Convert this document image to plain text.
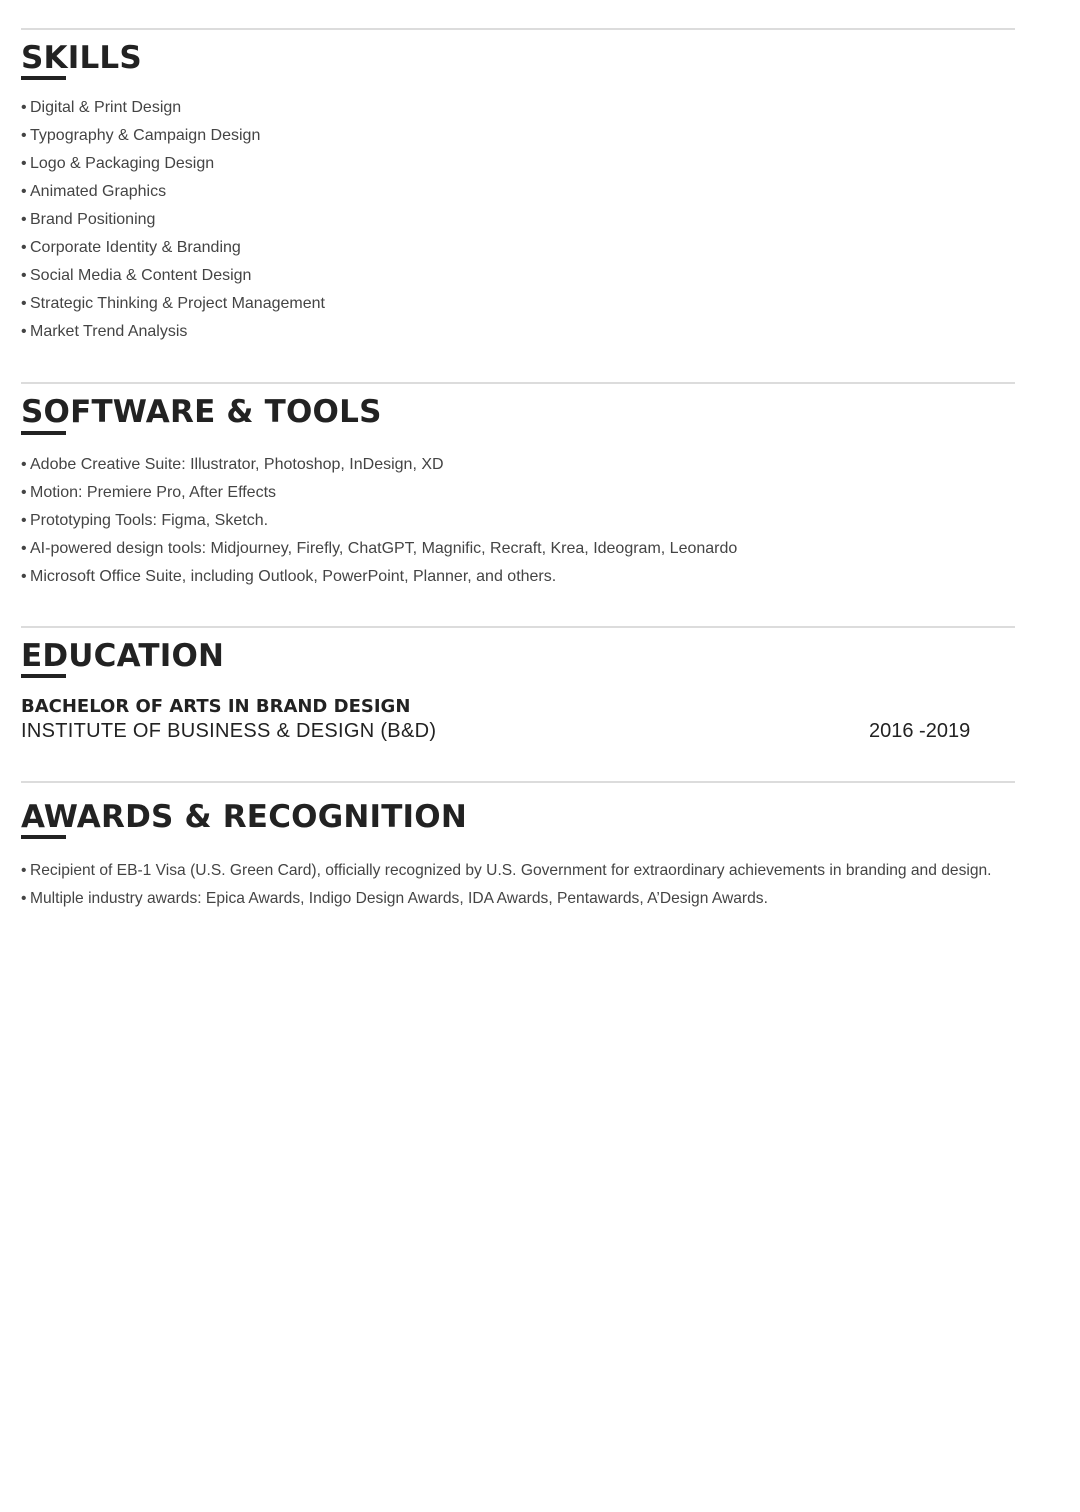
SKILLS
• Digital & Print Design
• Typography & Campaign Design
• Logo & Packaging Design
• Animated Graphics
• Brand Positioning
• Corporate Identity & Branding
• Social Media & Content Design
• Strategic Thinking & Project Management
• Market Trend Analysis
SOFTWARE & TOOLS
• Adobe Creative Suite: Illustrator, Photoshop, InDesign, XD
• Motion: Premiere Pro, After Effects
• Prototyping Tools: Figma, Sketch.
• AI-powered design tools: Midjourney, Firefly, ChatGPT, Magnific, Recraft, Krea, Ideogram, Leonardo
• Microsoft Office Suite, including Outlook, PowerPoint, Planner, and others.
EDUCATION

BACHELOR OF ARTS IN BRAND DESIGN

INSTITUTE OF BUSINESS & DESIGN (B&D)	2016 -2019

AWARDS & RECOGNITION
• Recipient of EB-1 Visa (U.S. Green Card), officially recognized by U.S. Government for extraordinary achievements in branding and design.
• Multiple industry awards: Epica Awards, Indigo Design Awards, IDA Awards, Pentawards, A’Design Awards.
